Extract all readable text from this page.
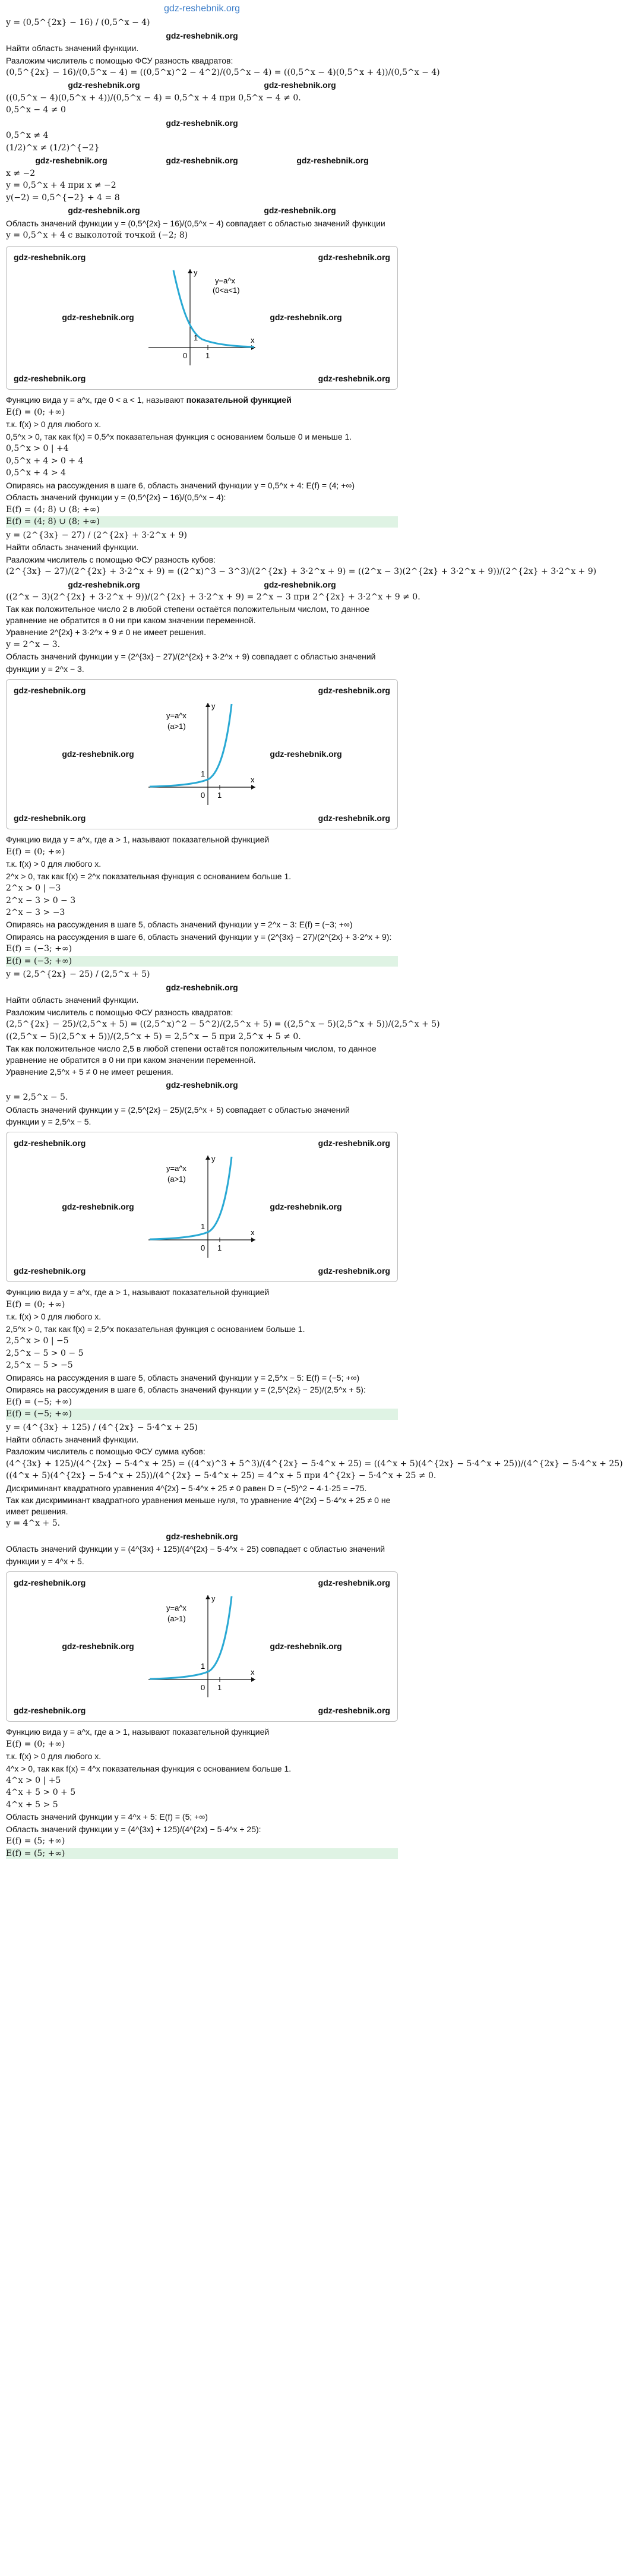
gdz-reshebnik.org
y = (0,5^{2x} − 16) / (0,5^x − 4)
gdz-reshebnik.org
Найти область значений функции.
Разложим числитель с помощью ФСУ разность квадратов:
(0,5^{2x} − 16)/(0,5^x − 4) = ((0,5^x)^2 − 4^2)/(0,5^x − 4) = ((0,5^x − 4)(0,5^x + 4))/(0,5^x − 4)
gdz-reshebnik.org	gdz-reshebnik.org
((0,5^x − 4)(0,5^x + 4))/(0,5^x − 4) = 0,5^x + 4 при 0,5^x − 4 ≠ 0.
0,5^x − 4 ≠ 0
gdz-reshebnik.org
0,5^x ≠ 4
(1/2)^x ≠ (1/2)^{−2}
gdz-reshebnik.org	gdz-reshebnik.org	gdz-reshebnik.org
x ≠ −2
y = 0,5^x + 4 при x ≠ −2
y(−2) = 0,5^{−2} + 4 = 8
gdz-reshebnik.org	gdz-reshebnik.org
Область значений функции y = (0,5^{2x} − 16)/(0,5^x − 4) совпадает с областью значений функции
y = 0,5^x + 4 с выколотой точкой (−2; 8)
gdz-reshebnik.org	gdz-reshebnik.org
gdz-reshebnik.org
y=a^x
(0<a<1)
1
0 1
x
y
gdz-reshebnik.org
gdz-reshebnik.org	gdz-reshebnik.org
Функцию вида y = a^x, где 0 < a < 1, называют показательной функцией
E(f) = (0; +∞)
т.к. f(x) > 0 для любого x.
0,5^x > 0, так как f(x) = 0,5^x показательная функция с основанием больше 0 и меньше 1.
0,5^x > 0 | +4
0,5^x + 4 > 0 + 4
0,5^x + 4 > 4
Опираясь на рассуждения в шаге 6, область значений функции y = 0,5^x + 4: E(f) = (4; +∞)
Область значений функции y = (0,5^{2x} − 16)/(0,5^x − 4):
E(f) = (4; 8) ∪ (8; +∞)
E(f) = (4; 8) ∪ (8; +∞)
y = (2^{3x} − 27) / (2^{2x} + 3·2^x + 9)
Найти область значений функции.
Разложим числитель с помощью ФСУ разность кубов:
(2^{3x} − 27)/(2^{2x} + 3·2^x + 9) = ((2^x)^3 − 3^3)/(2^{2x} + 3·2^x + 9) = ((2^x − 3)(2^{2x} + 3·2^x + 9))/(2^{2x} + 3·2^x + 9)
gdz-reshebnik.org	gdz-reshebnik.org
((2^x − 3)(2^{2x} + 3·2^x + 9))/(2^{2x} + 3·2^x + 9) = 2^x − 3 при 2^{2x} + 3·2^x + 9 ≠ 0.
Так как положительное число 2 в любой степени остаётся положительным числом, то данное уравнение не обратится в 0 ни при каком значении переменной.
Уравнение 2^{2x} + 3·2^x + 9 ≠ 0 не имеет решения.
y = 2^x − 3.
Область значений функции y = (2^{3x} − 27)/(2^{2x} + 3·2^x + 9) совпадает с областью значений
функции y = 2^x − 3.
gdz-reshebnik.org	gdz-reshebnik.org
gdz-reshebnik.org
y=a^x
(a>1)
1
0 1
x
y
gdz-reshebnik.org
gdz-reshebnik.org	gdz-reshebnik.org
Функцию вида y = a^x, где a > 1, называют показательной функцией
E(f) = (0; +∞)
т.к. f(x) > 0 для любого x.
2^x > 0, так как f(x) = 2^x показательная функция с основанием больше 1.
2^x > 0 | −3
2^x − 3 > 0 − 3
2^x − 3 > −3
Опираясь на рассуждения в шаге 5, область значений функции y = 2^x − 3: E(f) = (−3; +∞)
Опираясь на рассуждения в шаге 6, область значений функции y = (2^{3x} − 27)/(2^{2x} + 3·2^x + 9):
E(f) = (−3; +∞)
E(f) = (−3; +∞)
y = (2,5^{2x} − 25) / (2,5^x + 5)
gdz-reshebnik.org
Найти область значений функции.
Разложим числитель с помощью ФСУ разность квадратов:
(2,5^{2x} − 25)/(2,5^x + 5) = ((2,5^x)^2 − 5^2)/(2,5^x + 5) = ((2,5^x − 5)(2,5^x + 5))/(2,5^x + 5)
((2,5^x − 5)(2,5^x + 5))/(2,5^x + 5) = 2,5^x − 5 при 2,5^x + 5 ≠ 0.
Так как положительное число 2,5 в любой степени остаётся положительным числом, то данное уравнение не обратится в 0 ни при каком значении переменной.
Уравнение 2,5^x + 5 ≠ 0 не имеет решения.
gdz-reshebnik.org
y = 2,5^x − 5.
Область значений функции y = (2,5^{2x} − 25)/(2,5^x + 5) совпадает с областью значений
функции y = 2,5^x − 5.
gdz-reshebnik.org	gdz-reshebnik.org
gdz-reshebnik.org
y=a^x
(a>1)
1
0 1
x
y
gdz-reshebnik.org
gdz-reshebnik.org	gdz-reshebnik.org
Функцию вида y = a^x, где a > 1, называют показательной функцией
E(f) = (0; +∞)
т.к. f(x) > 0 для любого x.
2,5^x > 0, так как f(x) = 2,5^x показательная функция с основанием больше 1.
2,5^x > 0 | −5
2,5^x − 5 > 0 − 5
2,5^x − 5 > −5
Опираясь на рассуждения в шаге 5, область значений функции y = 2,5^x − 5: E(f) = (−5; +∞)
Опираясь на рассуждения в шаге 6, область значений функции y = (2,5^{2x} − 25)/(2,5^x + 5):
E(f) = (−5; +∞)
E(f) = (−5; +∞)
y = (4^{3x} + 125) / (4^{2x} − 5·4^x + 25)
Найти область значений функции.
Разложим числитель с помощью ФСУ сумма кубов:
(4^{3x} + 125)/(4^{2x} − 5·4^x + 25) = ((4^x)^3 + 5^3)/(4^{2x} − 5·4^x + 25) = ((4^x + 5)(4^{2x} − 5·4^x + 25))/(4^{2x} − 5·4^x + 25)
((4^x + 5)(4^{2x} − 5·4^x + 25))/(4^{2x} − 5·4^x + 25) = 4^x + 5 при 4^{2x} − 5·4^x + 25 ≠ 0.
Дискриминант квадратного уравнения 4^{2x} − 5·4^x + 25 ≠ 0 равен D = (−5)^2 − 4·1·25 = −75.
Так как дискриминант квадратного уравнения меньше нуля, то уравнение 4^{2x} − 5·4^x + 25 ≠ 0 не имеет решения.
y = 4^x + 5.
gdz-reshebnik.org
Область значений функции y = (4^{3x} + 125)/(4^{2x} − 5·4^x + 25) совпадает с областью значений
функции y = 4^x + 5.
gdz-reshebnik.org	gdz-reshebnik.org
gdz-reshebnik.org
y=a^x
(a>1)
1
0 1
x
y
gdz-reshebnik.org
gdz-reshebnik.org	gdz-reshebnik.org
Функцию вида y = a^x, где a > 1, называют показательной функцией
E(f) = (0; +∞)
т.к. f(x) > 0 для любого x.
4^x > 0, так как f(x) = 4^x показательная функция с основанием больше 1.
4^x > 0 | +5
4^x + 5 > 0 + 5
4^x + 5 > 5
Область значений функции y = 4^x + 5: E(f) = (5; +∞)
Область значений функции y = (4^{3x} + 125)/(4^{2x} − 5·4^x + 25):
E(f) = (5; +∞)
E(f) = (5; +∞)
